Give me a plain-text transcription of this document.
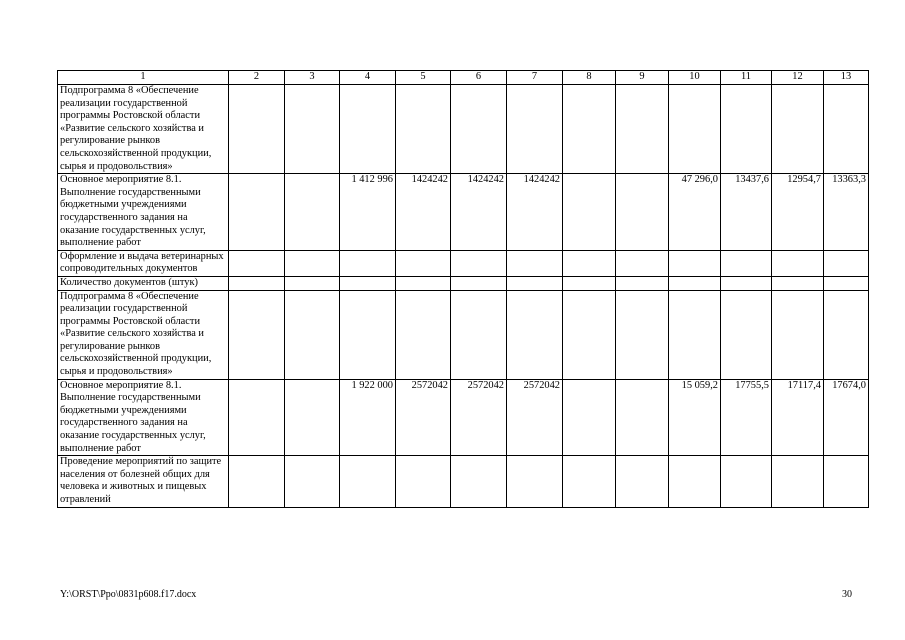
1	2	3	4	5	6	7	8	9	10	11	12	13
Подпрограмма 8 «Обеспечение реализации государственной программы Ростовской области «Развитие сельского хозяйства и регулирование рынков сельскохозяйственной продукции, сырья и продовольствия»												
Основное мероприятие 8.1. Выполнение государственными бюджетными учреждениями государственного задания на оказание государственных услуг, выполнение работ			1 412 996	1424242	1424242	1424242			47 296,0	13437,6	12954,7	13363,3
Оформление и выдача ветеринарных сопроводительных документов												
Количество документов (штук)												
Подпрограмма 8 «Обеспечение реализации государственной программы Ростовской области «Развитие сельского хозяйства и регулирование рынков сельскохозяйственной продукции, сырья и продовольствия»												
Основное мероприятие 8.1. Выполнение государственными бюджетными учреждениями государственного задания на оказание государственных услуг, выполнение работ			1 922 000	2572042	2572042	2572042			15 059,2	17755,5	17117,4	17674,0
Проведение мероприятий по защите населения от болезней общих для человека и животных и пищевых отравлений												
Y:\ORST\Ppo\0831p608.f17.docx	30
